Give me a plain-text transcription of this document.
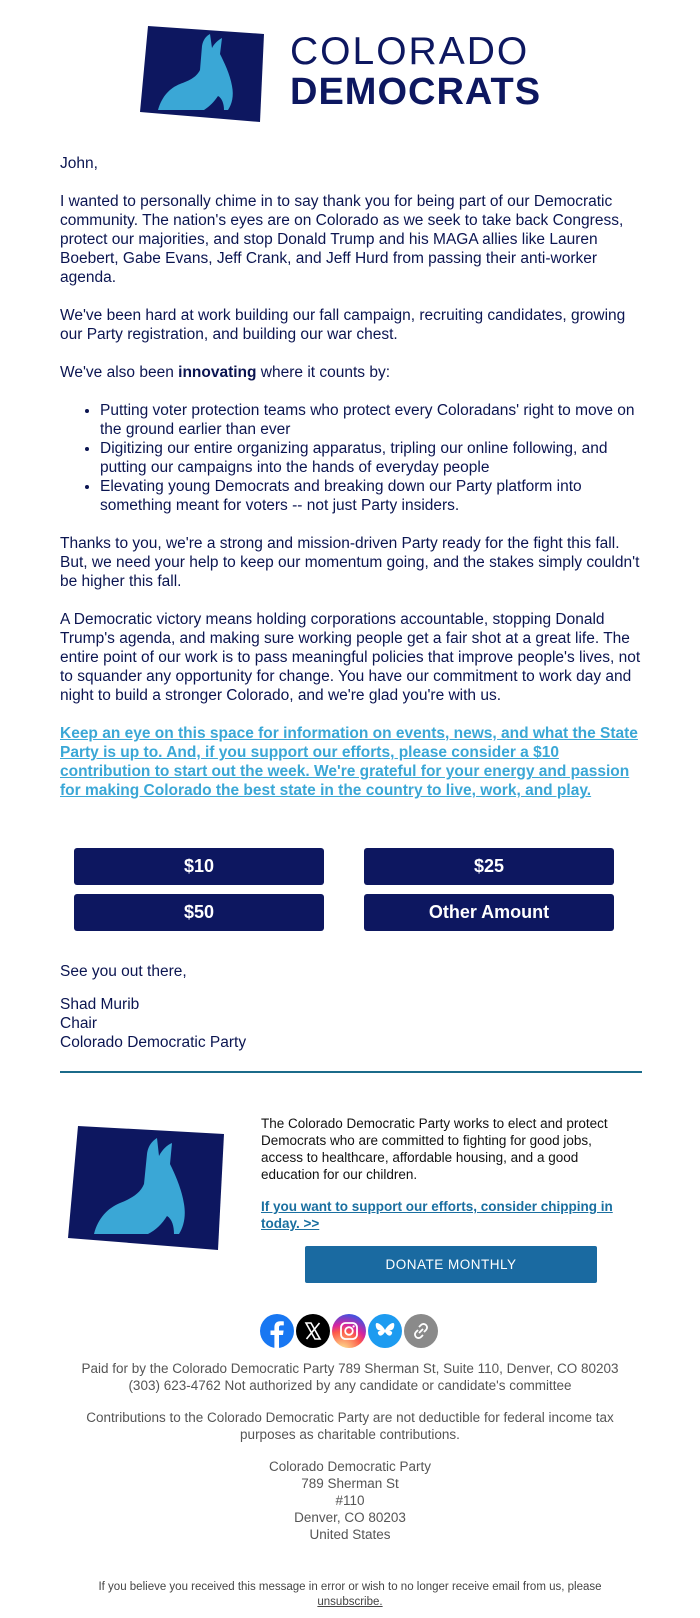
COLORADO
DEMOCRATS

John,

I wanted to personally chime in to say thank you for being part of our Democratic community. The nation's eyes are on Colorado as we seek to take back Congress, protect our majorities, and stop Donald Trump and his MAGA allies like Lauren Boebert, Gabe Evans, Jeff Crank, and Jeff Hurd from passing their anti-worker agenda.

We've been hard at work building our fall campaign, recruiting candidates, growing our Party registration, and building our war chest.

We've also been innovating where it counts by:

• Putting voter protection teams who protect every Coloradans' right to move on the ground earlier than ever
• Digitizing our entire organizing apparatus, tripling our online following, and putting our campaigns into the hands of everyday people
• Elevating young Democrats and breaking down our Party platform into something meant for voters -- not just Party insiders.

Thanks to you, we're a strong and mission-driven Party ready for the fight this fall. But, we need your help to keep our momentum going, and the stakes simply couldn't be higher this fall.

A Democratic victory means holding corporations accountable, stopping Donald Trump's agenda, and making sure working people get a fair shot at a great life. The entire point of our work is to pass meaningful policies that improve people's lives, not to squander any opportunity for change. You have our commitment to work day and night to build a stronger Colorado, and we're glad you're with us.

Keep an eye on this space for information on events, news, and what the State Party is up to. And, if you support our efforts, please consider a $10 contribution to start out the week. We're grateful for your energy and passion for making Colorado the best state in the country to live, work, and play.

$10	$25
$50	Other Amount

See you out there,

Shad Murib
Chair
Colorado Democratic Party
The Colorado Democratic Party works to elect and protect Democrats who are committed to fighting for good jobs, access to healthcare, affordable housing, and a good education for our children.
If you want to support our efforts, consider chipping in today. >>
DONATE MONTHLY

Paid for by the Colorado Democratic Party 789 Sherman St, Suite 110, Denver, CO 80203

(303) 623-4762 Not authorized by any candidate or candidate's committee

Contributions to the Colorado Democratic Party are not deductible for federal income tax

purposes as charitable contributions.

Colorado Democratic Party

789 Sherman St

#110

Denver, CO 80203

United States

If you believe you received this message in error or wish to no longer receive email from us, please
unsubscribe.
